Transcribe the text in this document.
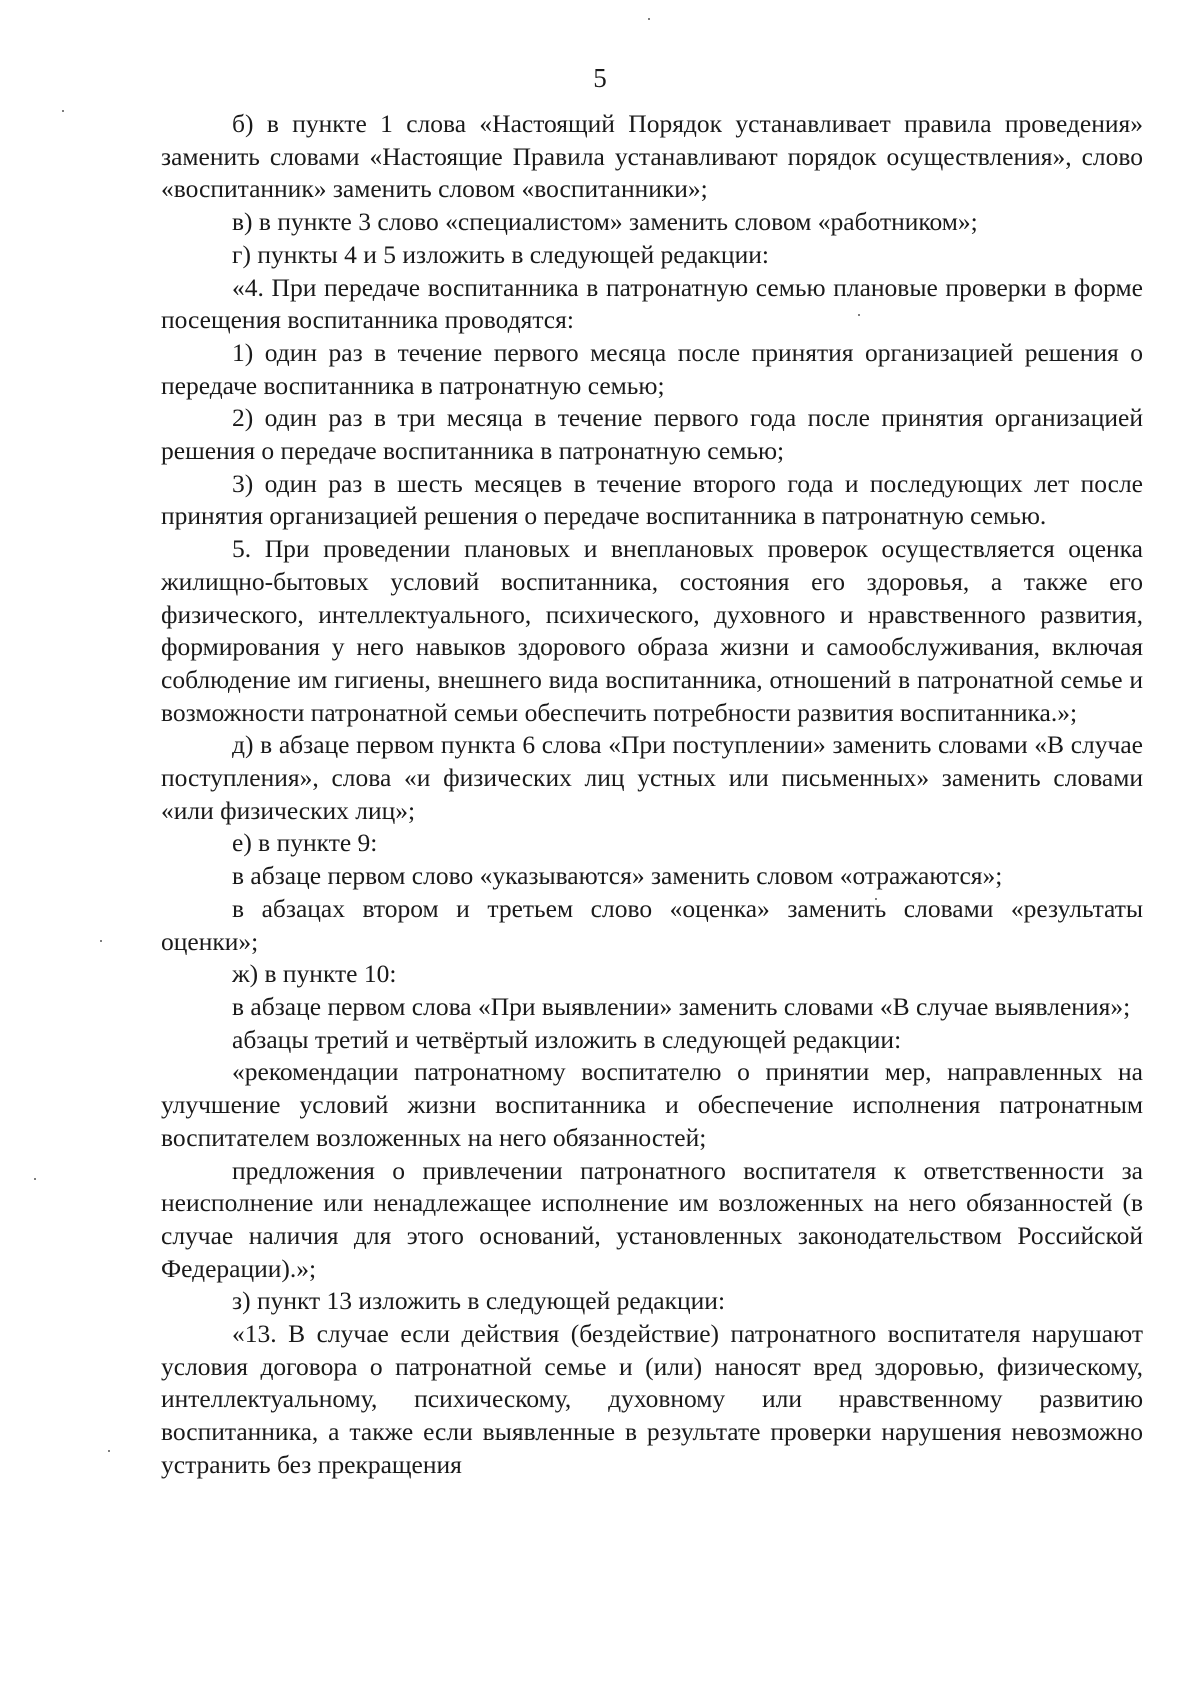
5

б) в пункте 1 слова «Настоящий Порядок устанавливает правила проведения» заменить словами «Настоящие Правила устанавливают порядок осуществления», слово «воспитанник» заменить словом «воспитанники»;

в) в пункте 3 слово «специалистом» заменить словом «работником»;

г) пункты 4 и 5 изложить в следующей редакции:

«4. При передаче воспитанника в патронатную семью плановые проверки в форме посещения воспитанника проводятся:

1) один раз в течение первого месяца после принятия организацией решения о передаче воспитанника в патронатную семью;

2) один раз в три месяца в течение первого года после принятия организацией решения о передаче воспитанника в патронатную семью;

3) один раз в шесть месяцев в течение второго года и последующих лет после принятия организацией решения о передаче воспитанника в патронатную семью.

5. При проведении плановых и внеплановых проверок осуществляется оценка жилищно-бытовых условий воспитанника, состояния его здоровья, а также его физического, интеллектуального, психического, духовного и нравственного развития, формирования у него навыков здорового образа жизни и самообслуживания, включая соблюдение им гигиены, внешнего вида воспитанника, отношений в патронатной семье и возможности патронатной семьи обеспечить потребности развития воспитанника.»;

д) в абзаце первом пункта 6 слова «При поступлении» заменить словами «В случае поступления», слова «и физических лиц устных или письменных» заменить словами «или физических лиц»;

е) в пункте 9:

в абзаце первом слово «указываются» заменить словом «отражаются»;

в абзацах втором и третьем слово «оценка» заменить словами «результаты оценки»;

ж) в пункте 10:

в абзаце первом слова «При выявлении» заменить словами «В случае выявления»;

абзацы третий и четвёртый изложить в следующей редакции:

«рекомендации патронатному воспитателю о принятии мер, направленных на улучшение условий жизни воспитанника и обеспечение исполнения патронатным воспитателем возложенных на него обязанностей;

предложения о привлечении патронатного воспитателя к ответственности за неисполнение или ненадлежащее исполнение им возложенных на него обязанностей (в случае наличия для этого оснований, установленных законодательством Российской Федерации).»;

з) пункт 13 изложить в следующей редакции:

«13. В случае если действия (бездействие) патронатного воспитателя нарушают условия договора о патронатной семье и (или) наносят вред здоровью, физическому, интеллектуальному, психическому, духовному или нравственному развитию воспитанника, а также если выявленные в результате проверки нарушения невозможно устранить без прекращения
